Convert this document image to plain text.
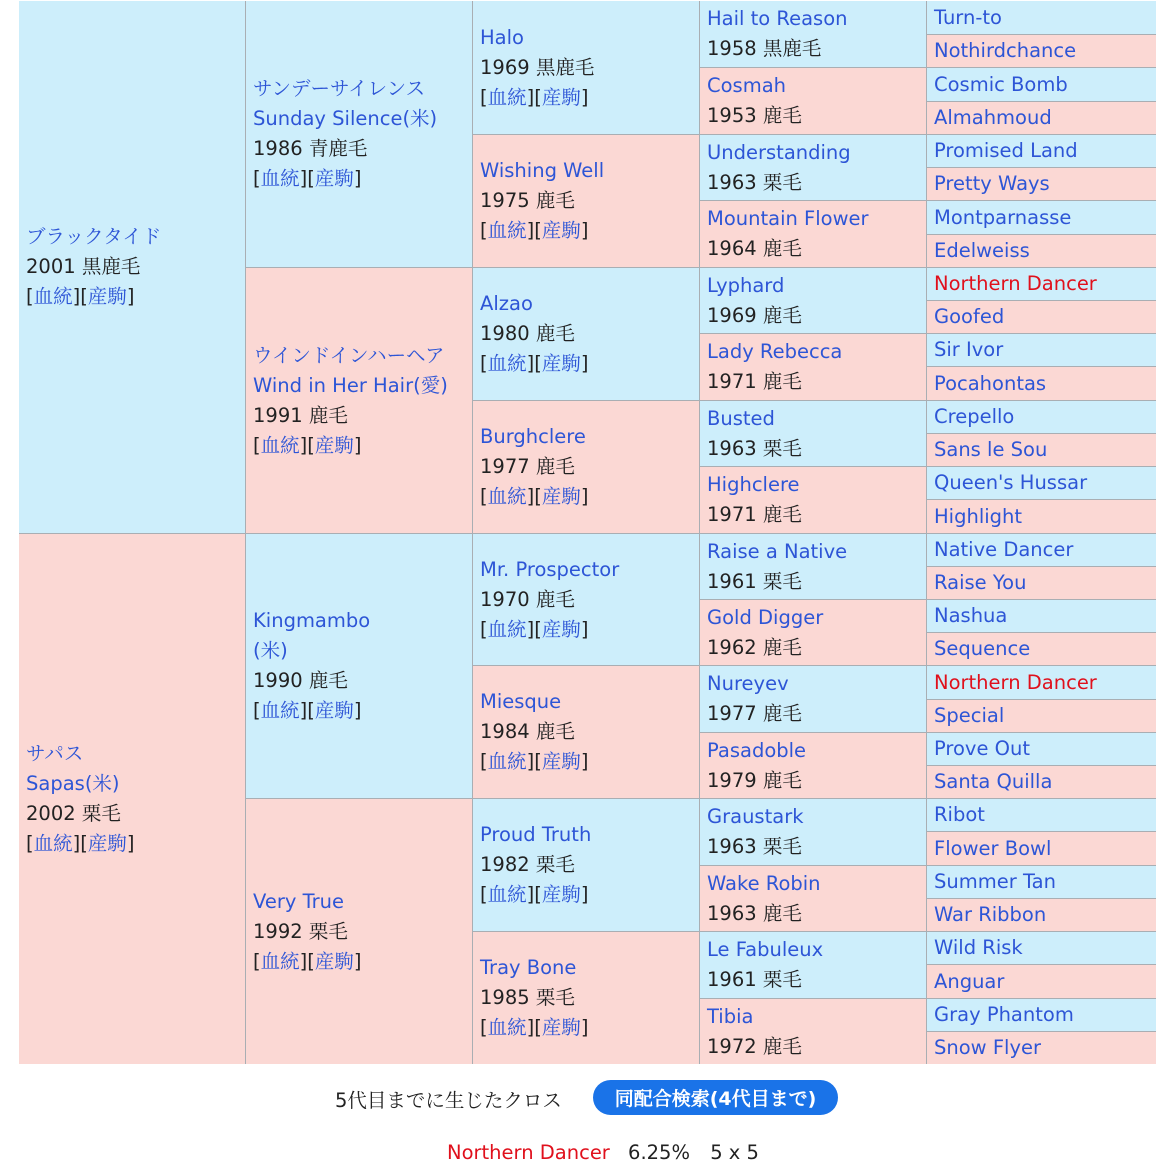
ブラックタイド
2001 黒鹿毛
[血統][産駒]
サパス
Sapas(米)
2002 栗毛
[血統][産駒]
サンデーサイレンス
Sunday Silence(米)
1986 青鹿毛
[血統][産駒]
ウインドインハーヘア
Wind in Her Hair(愛)
1991 鹿毛
[血統][産駒]
Kingmambo
(米)
1990 鹿毛
[血統][産駒]
Very True
1992 栗毛
[血統][産駒]
Halo
1969 黒鹿毛
[血統][産駒]
Wishing Well
1975 鹿毛
[血統][産駒]
Alzao
1980 鹿毛
[血統][産駒]
Burghclere
1977 鹿毛
[血統][産駒]
Mr. Prospector
1970 鹿毛
[血統][産駒]
Miesque
1984 鹿毛
[血統][産駒]
Proud Truth
1982 栗毛
[血統][産駒]
Tray Bone
1985 栗毛
[血統][産駒]
Hail to Reason
1958 黒鹿毛
Cosmah
1953 鹿毛
Understanding
1963 栗毛
Mountain Flower
1964 鹿毛
Lyphard
1969 鹿毛
Lady Rebecca
1971 鹿毛
Busted
1963 栗毛
Highclere
1971 鹿毛
Raise a Native
1961 栗毛
Gold Digger
1962 鹿毛
Nureyev
1977 鹿毛
Pasadoble
1979 鹿毛
Graustark
1963 栗毛
Wake Robin
1963 鹿毛
Le Fabuleux
1961 栗毛
Tibia
1972 鹿毛
Turn-to
Nothirdchance
Cosmic Bomb
Almahmoud
Promised Land
Pretty Ways
Montparnasse
Edelweiss
Northern Dancer
Goofed
Sir Ivor
Pocahontas
Crepello
Sans le Sou
Queen's Hussar
Highlight
Native Dancer
Raise You
Nashua
Sequence
Northern Dancer
Special
Prove Out
Santa Quilla
Ribot
Flower Bowl
Summer Tan
War Ribbon
Wild Risk
Anguar
Gray Phantom
Snow Flyer
5代目までに生じたクロス	同配合検索(4代目まで)
Northern Dancer 6.25% 5 x 5
